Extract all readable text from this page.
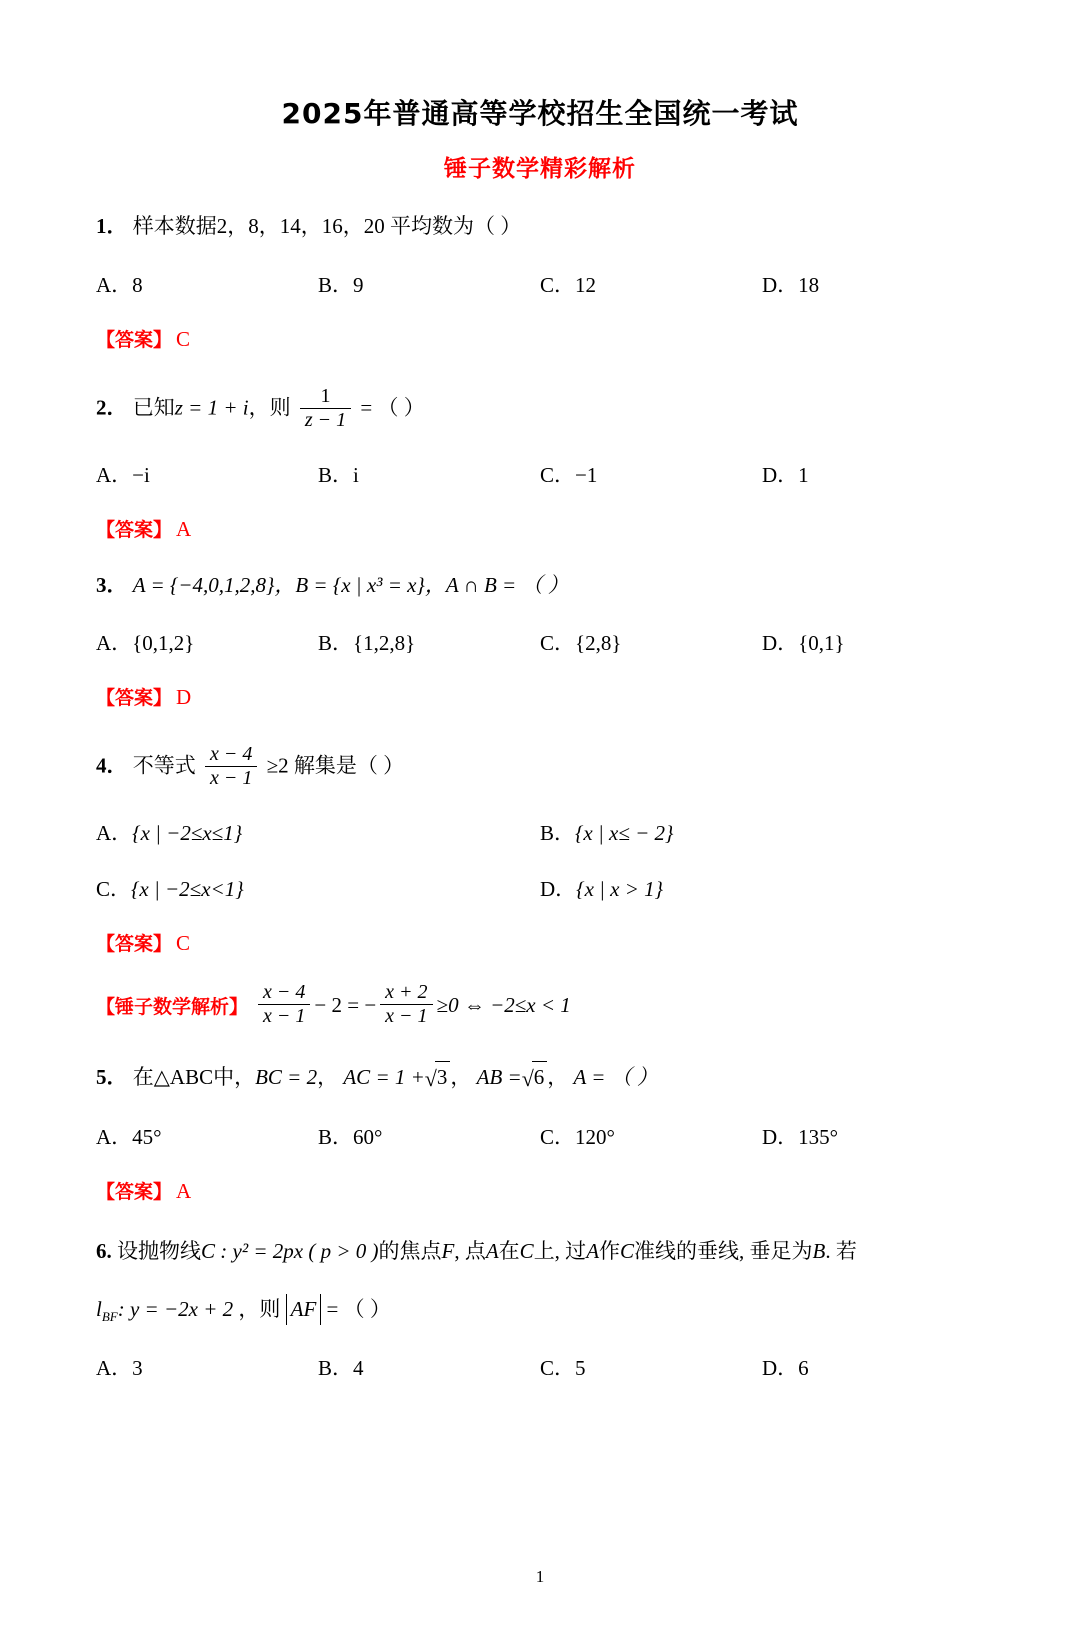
2025年普通高等学校招生全国统一考试
锤子数学精彩解析
1． 样本数据2，8，14，16，20 平均数为（ ）
A．8	B．9	C．12	D．18
【答案】 C
2． 已知z = 1 + i，则 $\frac{1}{z - 1}$ = （ ）
A．−i	B．i	C．−1	D．1
【答案】 A
3． A = {−4,0,1,2,8}，B = {x | x³ = x}，A ∩ B = （ ）
A．{0,1,2}	B．{1,2,8}	C．{2,8}	D．{0,1}
【答案】 D
4． 不等式 $\frac{x - 4}{x - 1} \ge 2$ 解集是（ ）
A．{x | −2≤x≤1}	B．{x | x≤ − 2}
C．{x | −2≤x<1}	D．{x | x > 1}
【答案】 C
【锤子数学解析】 $\frac{x - 4}{x - 1} - 2$ = − $\frac{x + 2}{x - 1} \ge 0$ ⇔ −2≤x < 1
5． 在△ABC中，BC = 2， AC = 1 +√3 ， AB =√6 ， A = （ ）
A．45°	B．60°	C．120°	D．135°
【答案】 A
6. 设抛物线C : y² = 2px ( p > 0 )的焦点F, 点A在C上, 过A作C准线的垂线, 垂足为B. 若
$l_{BF}$: y = −2x + 2 ，则 AF = （ ）
A．3	B．4	C．5	D．6
1
